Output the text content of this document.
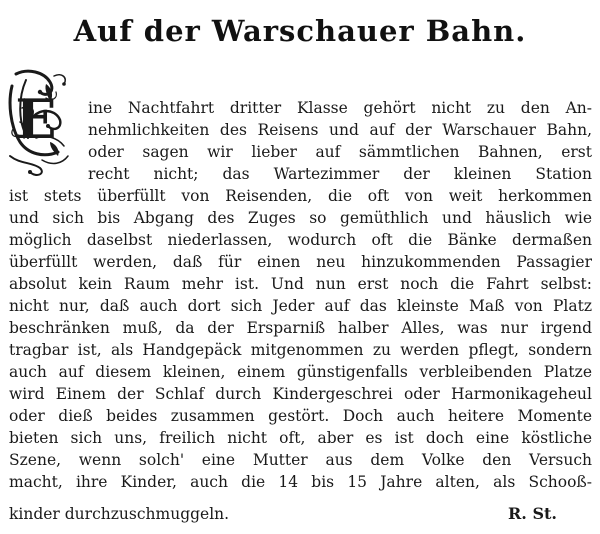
Auf der Warschauer Bahn.
E ine Nachtfahrt dritter Klasse gehört nicht zu den An-
nehmlichkeiten des Reisens und auf der Warschauer Bahn,
oder sagen wir lieber auf sämmtlichen Bahnen, erst
recht nicht; das Wartezimmer der kleinen Station
ist stets überfüllt von Reisenden, die oft von weit herkommen
und sich bis Abgang des Zuges so gemüthlich und häuslich wie
möglich daselbst niederlassen, wodurch oft die Bänke dermaßen
überfüllt werden, daß für einen neu hinzukommenden Passagier
absolut kein Raum mehr ist. Und nun erst noch die Fahrt selbst:
nicht nur, daß auch dort sich Jeder auf das kleinste Maß von Platz
beschränken muß, da der Ersparniß halber Alles, was nur irgend
tragbar ist, als Handgepäck mitgenommen zu werden pflegt, sondern
auch auf diesem kleinen, einem günstigenfalls verbleibenden Platze
wird Einem der Schlaf durch Kindergeschrei oder Harmonikageheul
oder dieß beides zusammen gestört. Doch auch heitere Momente
bieten sich uns, freilich nicht oft, aber es ist doch eine köstliche
Szene, wenn solch' eine Mutter aus dem Volke den Versuch
macht, ihre Kinder, auch die 14 bis 15 Jahre alten, als Schooß-
kinder durchzuschmuggeln.	R. St.
